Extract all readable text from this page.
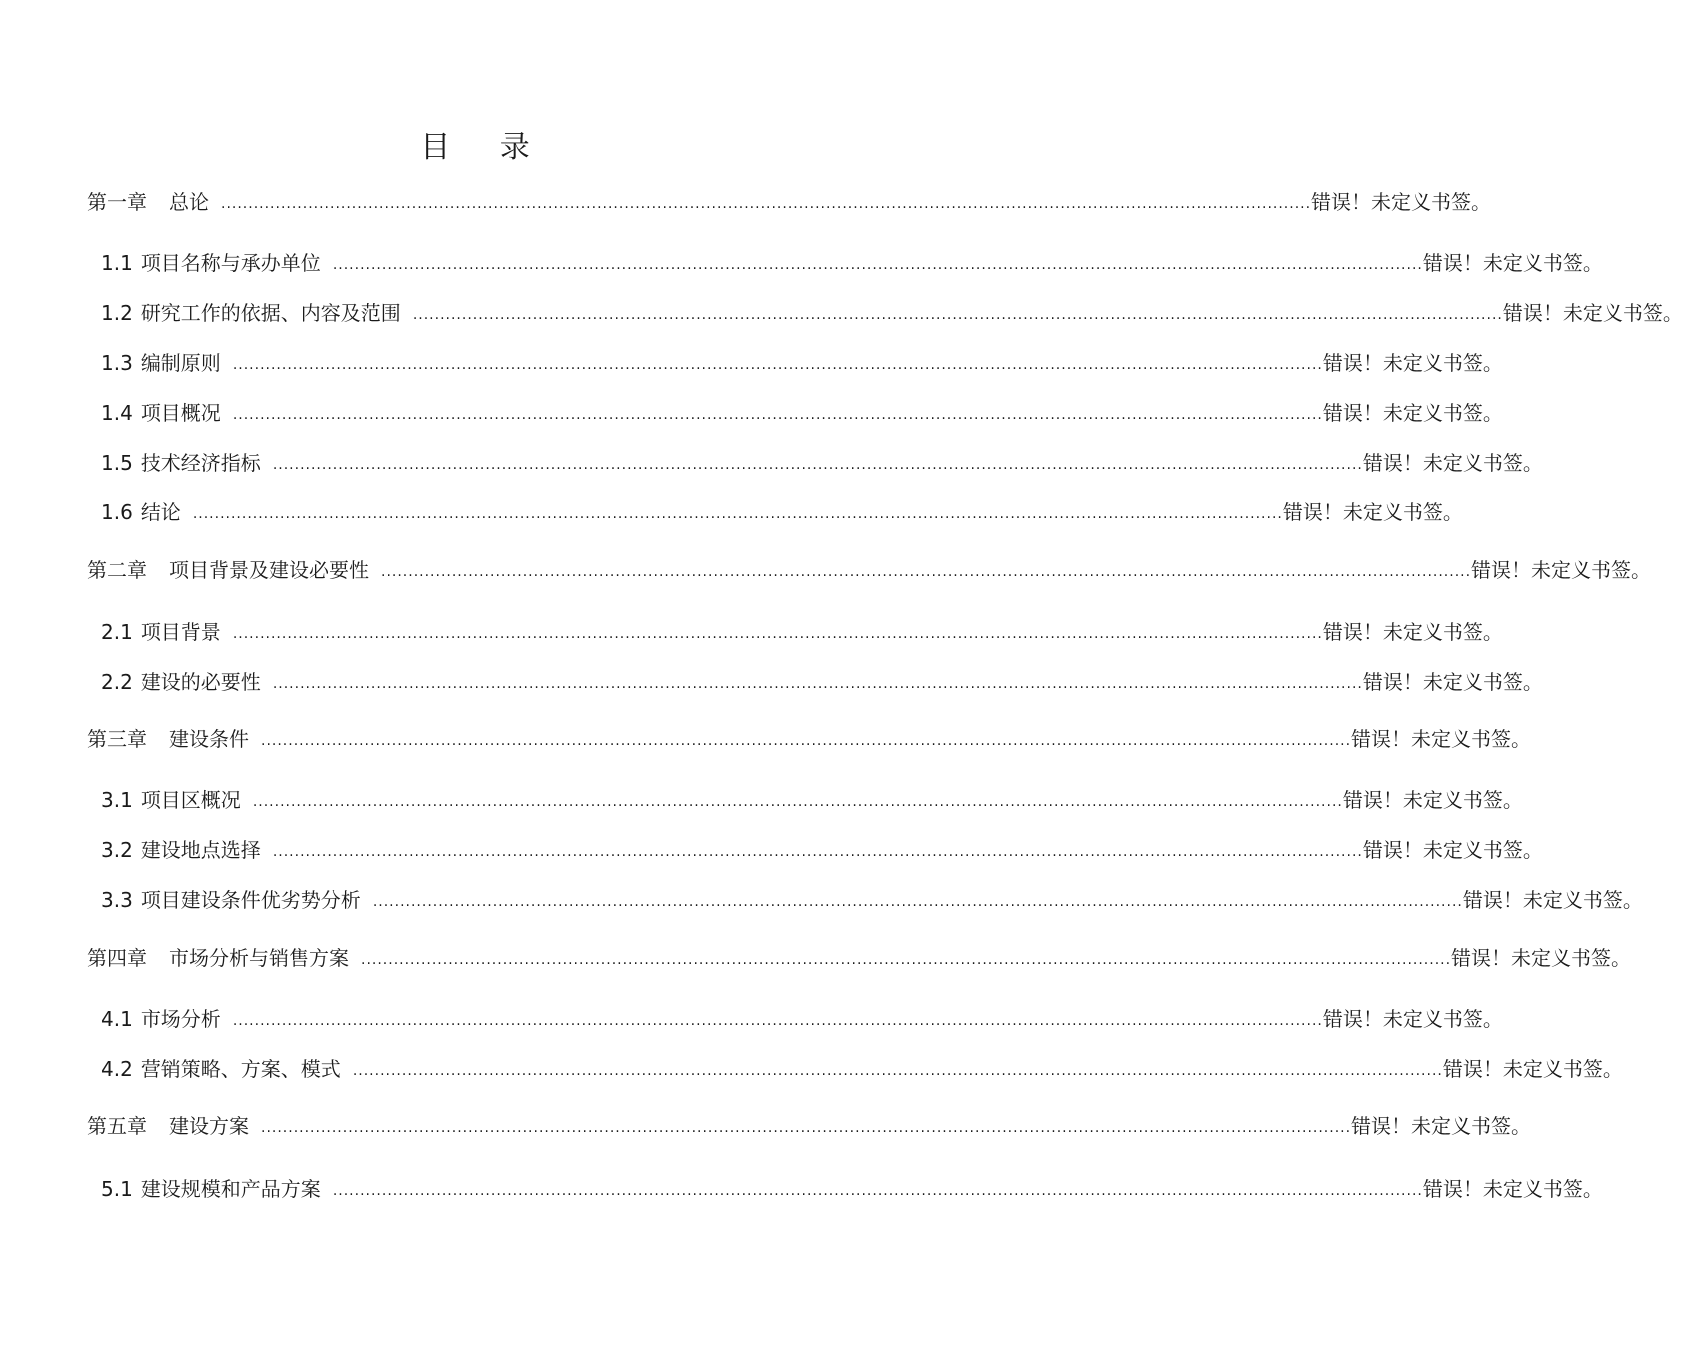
目 录
第一章 总论 ........................................................................................................................................................................................................ 错误！未定义书签。
1.1 项目名称与承办单位 ........................................................................................................................................................................................................ 错误！未定义书签。
1.2 研究工作的依据、内容及范围 ........................................................................................................................................................................................................ 错误！未定义书签。
1.3 编制原则 ........................................................................................................................................................................................................ 错误！未定义书签。
1.4 项目概况 ........................................................................................................................................................................................................ 错误！未定义书签。
1.5 技术经济指标 ........................................................................................................................................................................................................ 错误！未定义书签。
1.6 结论 ........................................................................................................................................................................................................ 错误！未定义书签。
第二章 项目背景及建设必要性 ........................................................................................................................................................................................................ 错误！未定义书签。
2.1 项目背景 ........................................................................................................................................................................................................ 错误！未定义书签。
2.2 建设的必要性 ........................................................................................................................................................................................................ 错误！未定义书签。
第三章 建设条件 ........................................................................................................................................................................................................ 错误！未定义书签。
3.1 项目区概况 ........................................................................................................................................................................................................ 错误！未定义书签。
3.2 建设地点选择 ........................................................................................................................................................................................................ 错误！未定义书签。
3.3 项目建设条件优劣势分析 ........................................................................................................................................................................................................ 错误！未定义书签。
第四章 市场分析与销售方案 ........................................................................................................................................................................................................ 错误！未定义书签。
4.1 市场分析 ........................................................................................................................................................................................................ 错误！未定义书签。
4.2 营销策略、方案、模式 ........................................................................................................................................................................................................ 错误！未定义书签。
第五章 建设方案 ........................................................................................................................................................................................................ 错误！未定义书签。
5.1 建设规模和产品方案 ........................................................................................................................................................................................................ 错误！未定义书签。
